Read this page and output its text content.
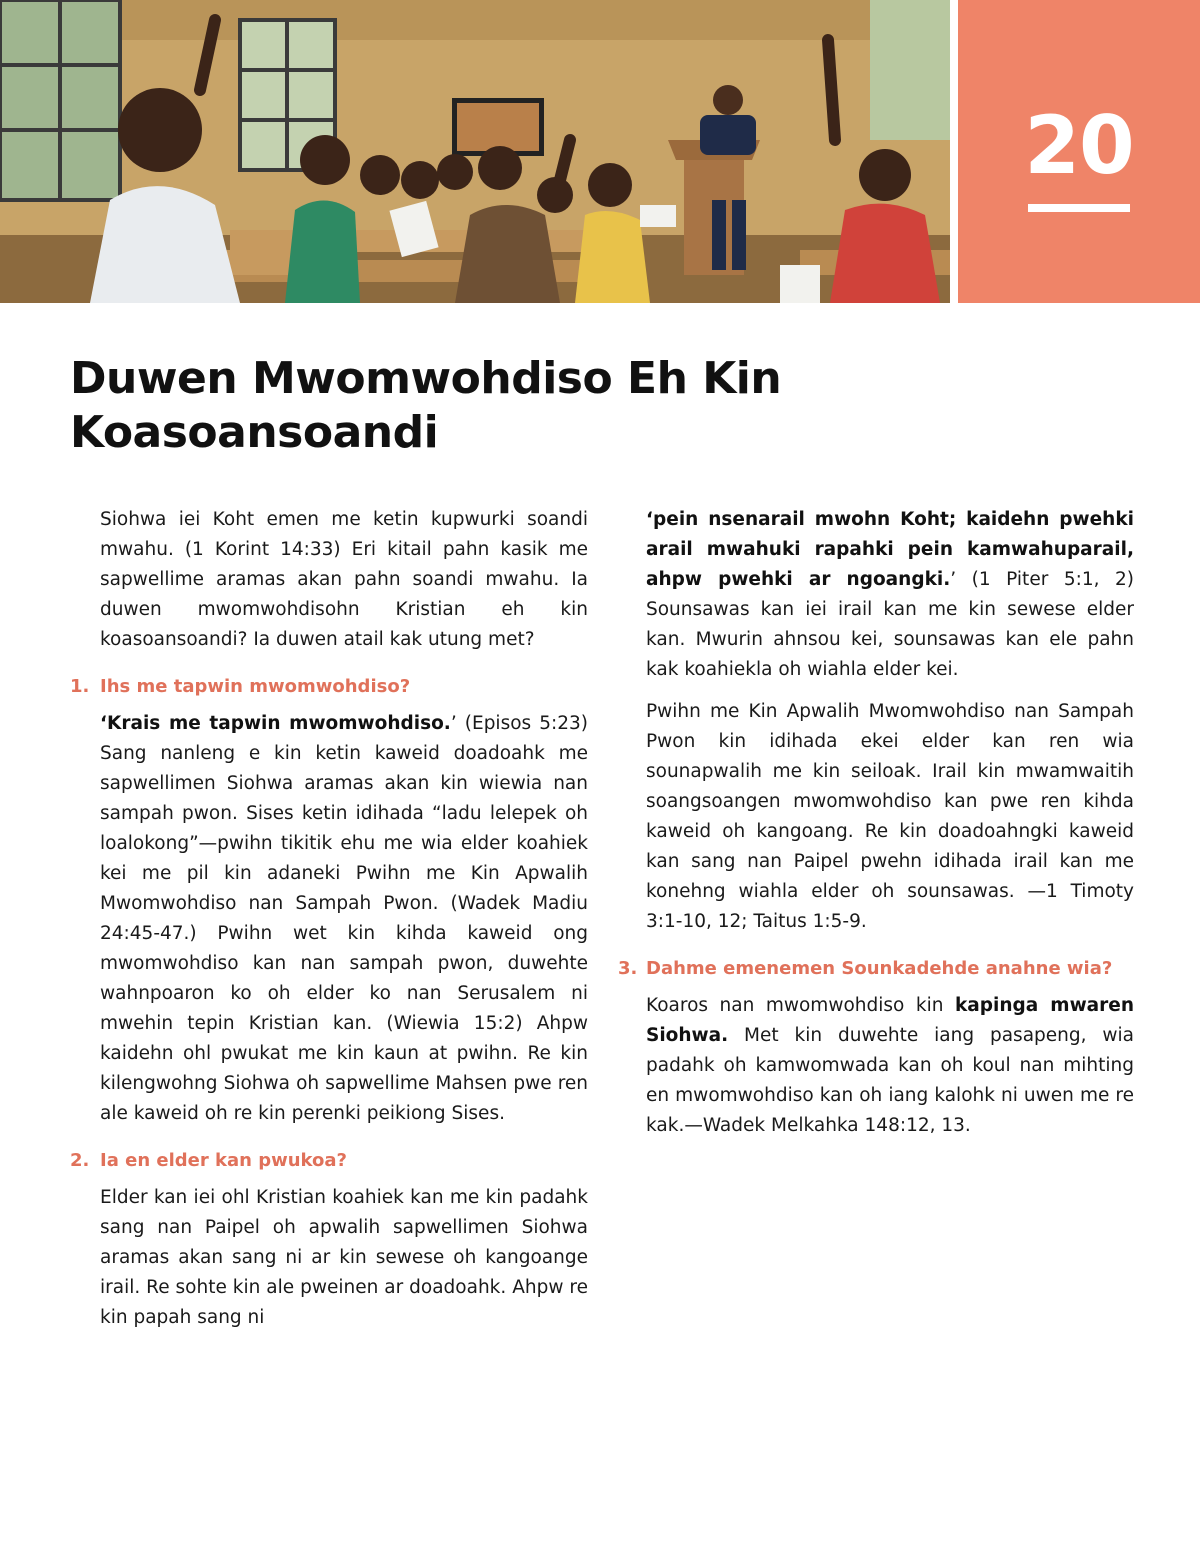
20
Duwen Mwomwohdiso Eh Kin
Koasoansoandi

Siohwa iei Koht emen me ketin kupwurki soandi mwahu. (1 Korint 14:33) Eri kitail pahn kasik me sapwellime aramas akan pahn soandi mwahu. Ia duwen mwomwohdisohn Kristian eh kin koasoansoandi? Ia duwen atail kak utung met?

1. Ihs me tapwin mwomwohdiso?

‘Krais me tapwin mwomwohdiso.’ (Episos 5:23) Sang nanleng e kin ketin kaweid doadoahk me sapwellimen Siohwa aramas akan kin wiewia nan sampah pwon. Sises ketin idihada “ladu lelepek oh loalokong”—pwihn tikitik ehu me wia elder koahiek kei me pil kin adaneki Pwihn me Kin Apwalih Mwomwohdiso nan Sampah Pwon. (Wadek Madiu 24:45-47.) Pwihn wet kin kihda kaweid ong mwomwohdiso kan nan sampah pwon, duwehte wahnpoaron ko oh elder ko nan Serusalem ni mwehin tepin Kristian kan. (Wiewia 15:2) Ahpw kaidehn ohl pwukat me kin kaun at pwihn. Re kin kilengwohng Siohwa oh sapwellime Mahsen pwe ren ale kaweid oh re kin perenki peikiong Sises.

2. Ia en elder kan pwukoa?

Elder kan iei ohl Kristian koahiek kan me kin padahk sang nan Paipel oh apwalih sapwellimen Siohwa aramas akan sang ni ar kin sewese oh kangoange irail. Re sohte kin ale pweinen ar doadoahk. Ahpw re kin papah sang ni

‘pein nsenarail mwohn Koht; kaidehn pwehki arail mwahuki rapahki pein kamwahuparail, ahpw pwehki ar ngoangki.’ (1 Piter 5:1, 2) Sounsawas kan iei irail kan me kin sewese elder kan. Mwurin ahnsou kei, sounsawas kan ele pahn kak koahiekla oh wiahla elder kei.

Pwihn me Kin Apwalih Mwomwohdiso nan Sampah Pwon kin idihada ekei elder kan ren wia sounapwalih me kin seiloak. Irail kin mwamwaitih soangsoangen mwomwohdiso kan pwe ren kihda kaweid oh kangoang. Re kin doadoahngki kaweid kan sang nan Paipel pwehn idihada irail kan me konehng wiahla elder oh sounsawas. —1 Timoty 3:1-10, 12; Taitus 1:5-9.

3. Dahme emenemen Sounkadehde anahne wia?

Koaros nan mwomwohdiso kin kapinga mwaren Siohwa. Met kin duwehte iang pasapeng, wia padahk oh kamwomwada kan oh koul nan mihting en mwomwohdiso kan oh iang kalohk ni uwen me re kak.—Wadek Melkahka 148:12, 13.
